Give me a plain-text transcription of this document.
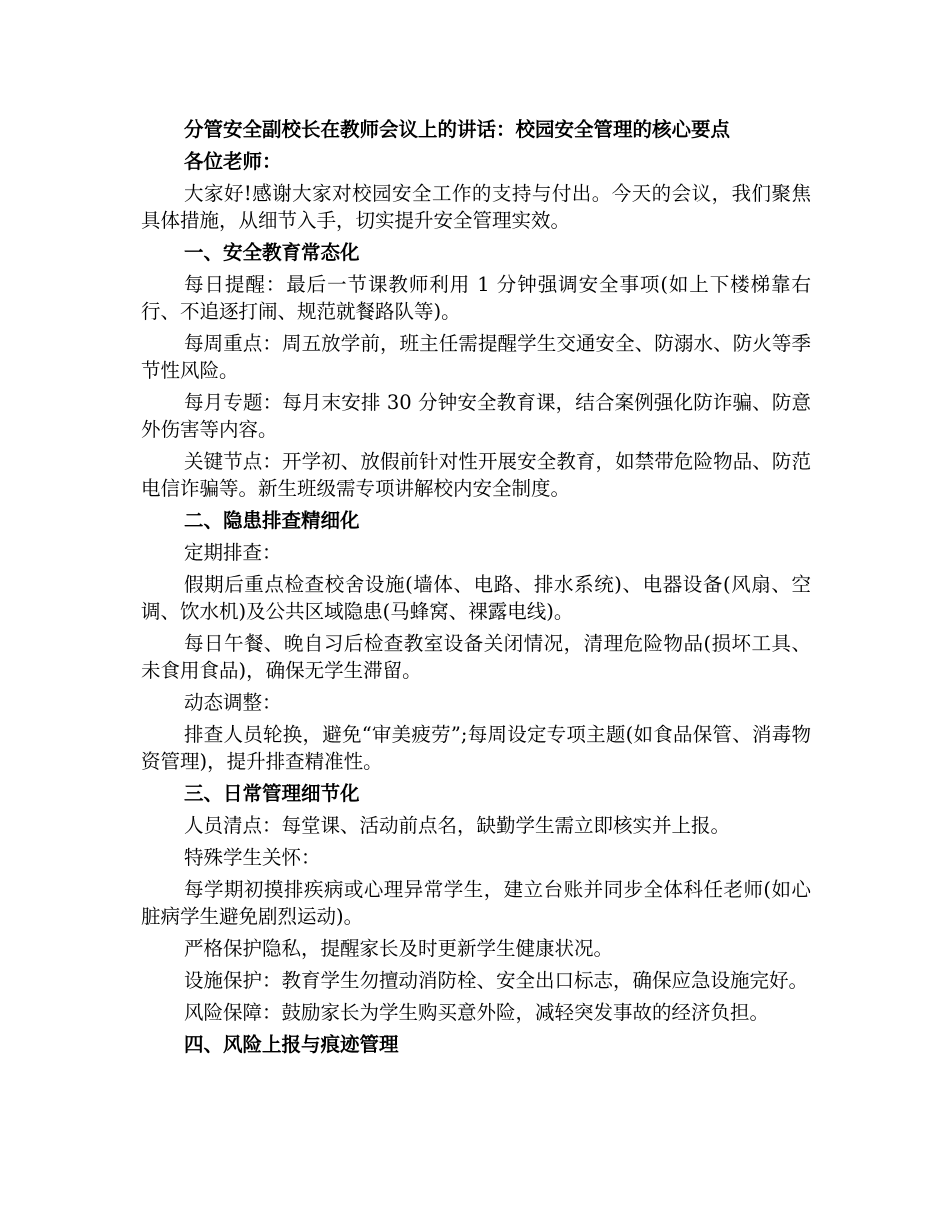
分管安全副校长在教师会议上的讲话：校园安全管理的核心要点
各位老师：
大家好!感谢大家对校园安全工作的支持与付出。今天的会议，我们聚焦具体措施，从细节入手，切实提升安全管理实效。
一、安全教育常态化
每日提醒：最后一节课教师利用 1 分钟强调安全事项(如上下楼梯靠右行、不追逐打闹、规范就餐路队等)。
每周重点：周五放学前，班主任需提醒学生交通安全、防溺水、防火等季节性风险。
每月专题：每月末安排 30 分钟安全教育课，结合案例强化防诈骗、防意外伤害等内容。
关键节点：开学初、放假前针对性开展安全教育，如禁带危险物品、防范电信诈骗等。新生班级需专项讲解校内安全制度。
二、隐患排查精细化
定期排查：
假期后重点检查校舍设施(墙体、电路、排水系统)、电器设备(风扇、空调、饮水机)及公共区域隐患(马蜂窝、裸露电线)。
每日午餐、晚自习后检查教室设备关闭情况，清理危险物品(损坏工具、未食用食品)，确保无学生滞留。
动态调整：
排查人员轮换，避免“审美疲劳”;每周设定专项主题(如食品保管、消毒物资管理)，提升排查精准性。
三、日常管理细节化
人员清点：每堂课、活动前点名，缺勤学生需立即核实并上报。
特殊学生关怀：
每学期初摸排疾病或心理异常学生，建立台账并同步全体科任老师(如心脏病学生避免剧烈运动)。
严格保护隐私，提醒家长及时更新学生健康状况。
设施保护：教育学生勿擅动消防栓、安全出口标志，确保应急设施完好。
风险保障：鼓励家长为学生购买意外险，减轻突发事故的经济负担。
四、风险上报与痕迹管理
